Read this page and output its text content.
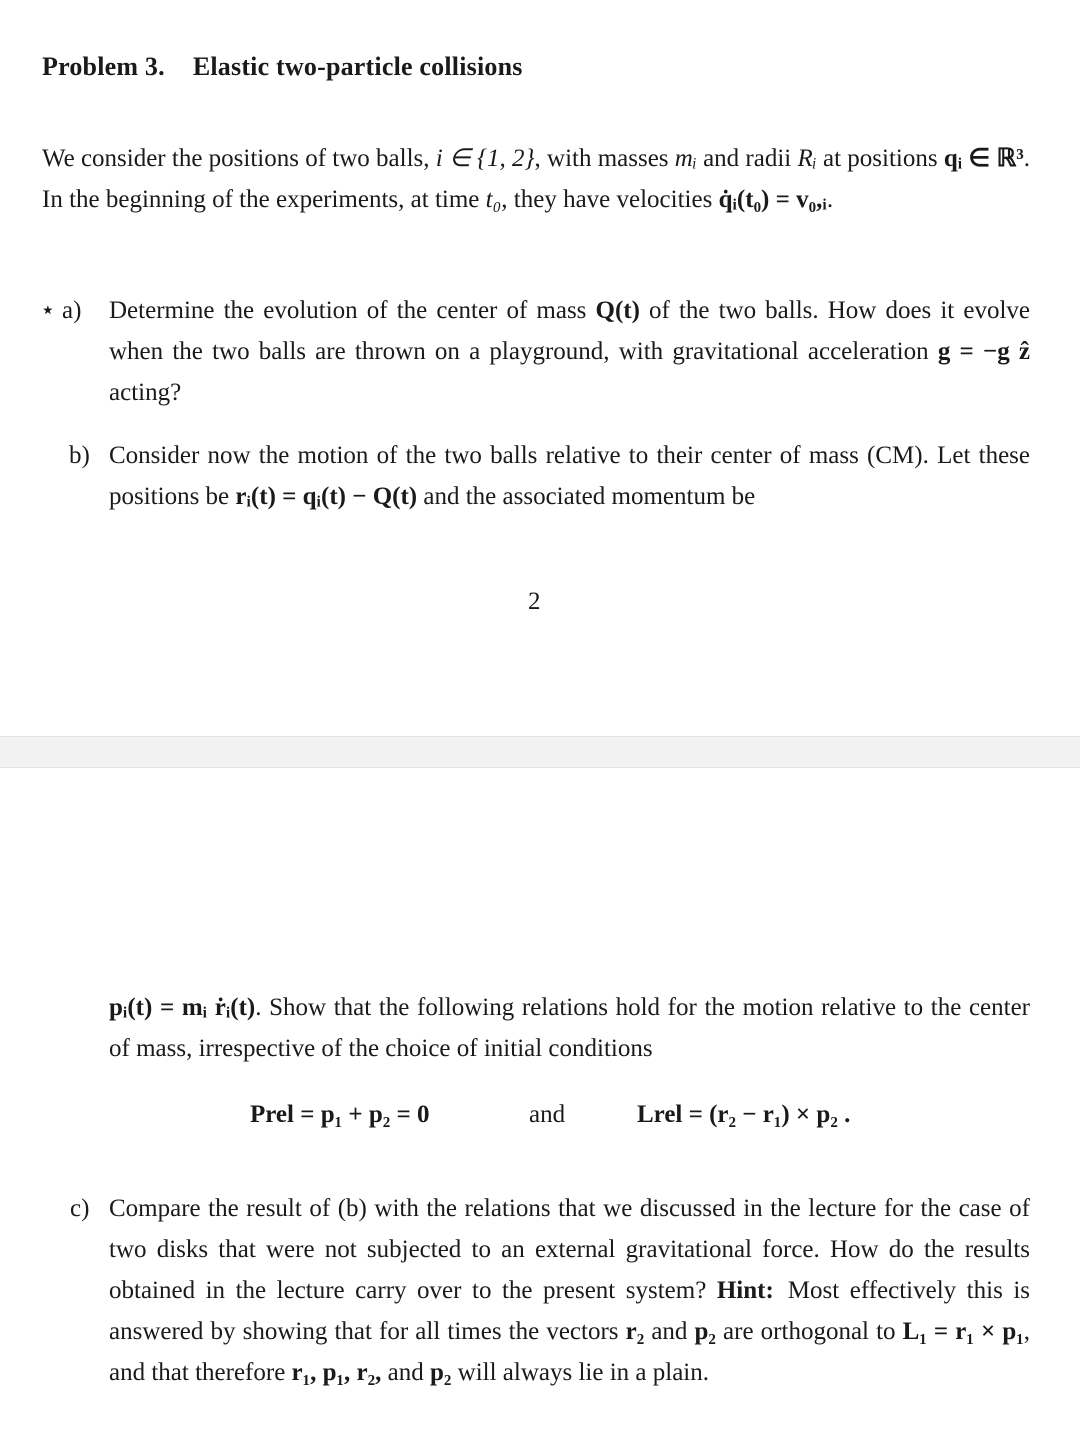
Problem 3. Elastic two-particle collisions
We consider the positions of two balls, i ∈ {1, 2}, with masses mᵢ and radii Rᵢ at positions qᵢ ∈ ℝ³. In the beginning of the experiments, at time t₀, they have velocities q̇ᵢ(t₀) = v₀,ᵢ.
⋆ a) Determine the evolution of the center of mass Q(t) of the two balls. How does it evolve when the two balls are thrown on a playground, with gravitational acceleration g = −g ẑ acting?
b) Consider now the motion of the two balls relative to their center of mass (CM). Let these positions be rᵢ(t) = qᵢ(t) − Q(t) and the associated momentum be
2
pᵢ(t) = mᵢ ṙᵢ(t). Show that the following relations hold for the motion relative to the center of mass, irrespective of the choice of initial conditions
Prel = p₁ + p₂ = 0	and	Lrel = (r₂ − r₁) × p₂ .
c) Compare the result of (b) with the relations that we discussed in the lecture for the case of two disks that were not subjected to an external gravitational force. How do the results obtained in the lecture carry over to the present system? Hint: Most effectively this is answered by showing that for all times the vectors r₂ and p₂ are orthogonal to L₁ = r₁ × p₁, and that therefore r₁, p₁, r₂, and p₂ will always lie in a plain.
